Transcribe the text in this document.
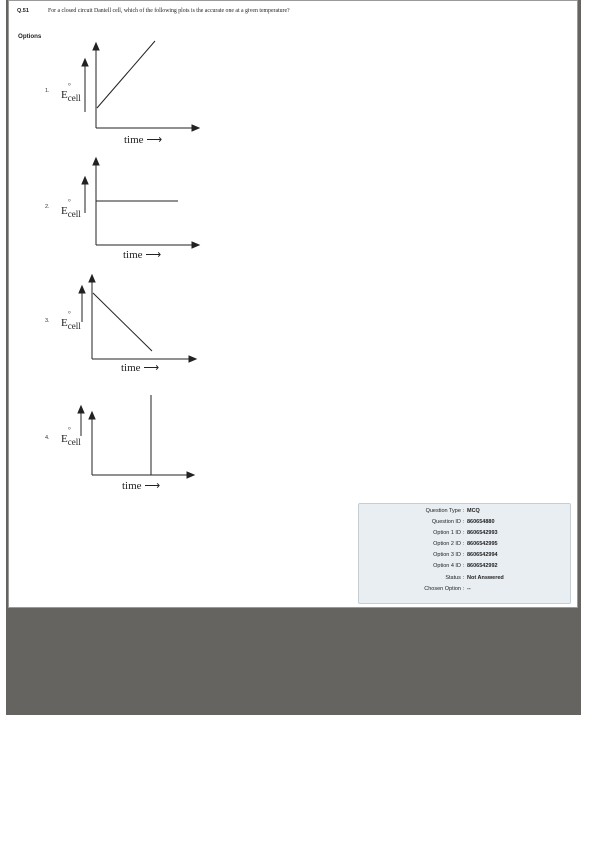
Q.51	For a closed circuit Daniell cell, which of the following plots is the accurate one at a given temperature?
Options
1. E
°
$_{cell}$
time ⟶
2. E
°
$_{cell}$
time ⟶
3. E
°
$_{cell}$
time ⟶
4. E
°
$_{cell}$
time ⟶
Question Type : MCQ
Question ID : 860654880
Option 1 ID : 8606542993
Option 2 ID : 8606542995
Option 3 ID : 8606542994
Option 4 ID : 8606542992
Status : Not Answered
Chosen Option : --
